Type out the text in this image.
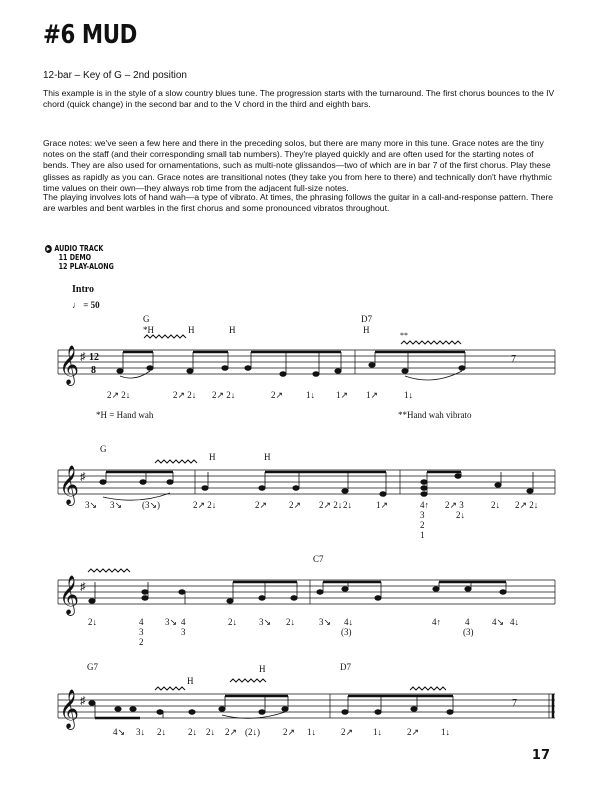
#6 MUD
12-bar – Key of G – 2nd position

This example is in the style of a slow country blues tune. The progression starts with the turnaround. The first chorus bounces to the IV chord (quick change) in the second bar and to the V chord in the third and eighth bars.

Grace notes: we've seen a few here and there in the preceding solos, but there are many more in this tune. Grace notes are the tiny notes on the staff (and their corresponding small tab numbers). They're played quickly and are often used for the starting notes of bends. They are also used for ornamentations, such as multi-note glissandos—two of which are in bar 7 of the first chorus. Play these glisses as rapidly as you can. Grace notes are transitional notes (they take you from here to there) and technically don't have rhythmic time values on their own—they always rob time from the adjacent full-size notes.

The playing involves lots of hand wah—a type of vibrato. At times, the phrasing follows the guitar in a call-and-response pattern. There are warbles and bent warbles in the first chorus and some pronounced vibratos throughout.

AUDIO TRACK
11 DEMO
12 PLAY-ALONG
Intro
♩ = 50
G	D7
*H	H	H	H
**
𝄞 ♯ 12
8
7
2↗ 2↓	2↗ 2↓ 2↗ 2↓	2↗	1↓ 1↗ 1↗	1↓
*H = Hand wah	**Hand wah vibrato
G
H	H
𝄞 ♯
3↘ 3↘ (3↘)	2↗ 2↓	2↗ 2↗ 2↗ 2↓ 2↓	1↗	4↑
3
2
1
2↗ 3
2↓
2↓ 2↗ 2↓
C7
𝄞 ♯
2↓	4
3
2
3↘ 4
3
2↓ 3↘ 2↓	3↘ 4↓
(3)
4↑	4
(3)
4↘ 4↓
G7	D7
H
H
𝄞 ♯	7
4↘ 3↓ 2↓ 2↓ 2↓ 2↗ (2↓)	2↗ 1↓	2↗ 1↓	2↗ 1↓
17
